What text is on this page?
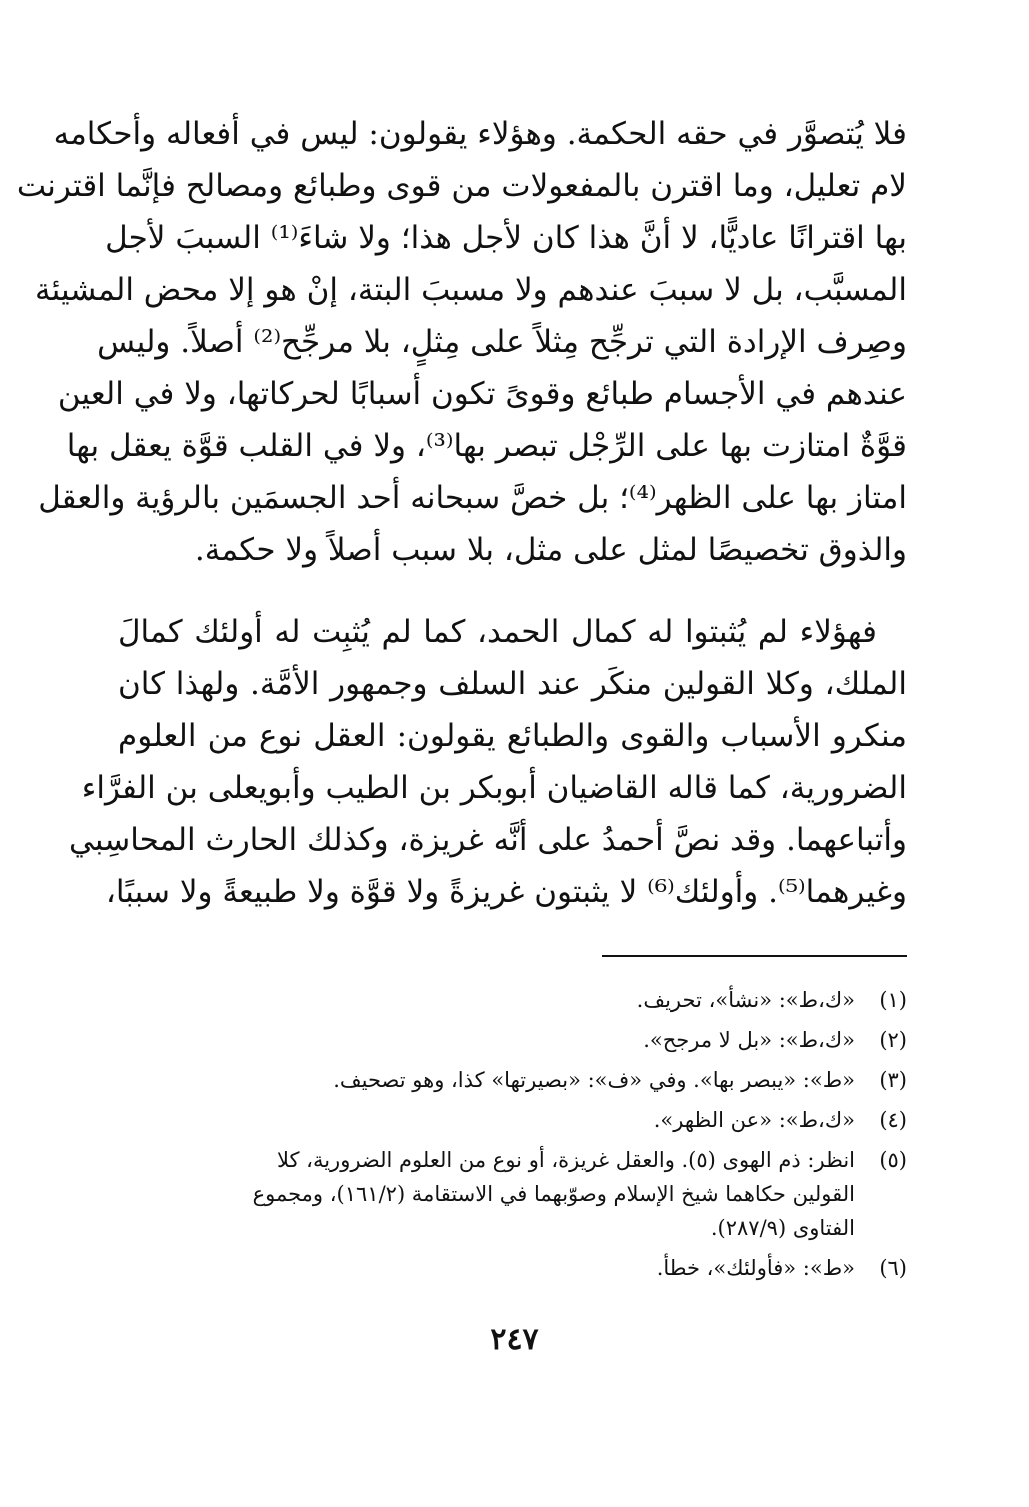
فلا يُتصوَّر في حقه الحكمة. وهؤلاء يقولون: ليس في أفعاله وأحكامه
لام تعليل، وما اقترن بالمفعولات من قوى وطبائع ومصالح فإنَّما اقترنت
بها اقترانًا عاديًّا، لا أنَّ هذا كان لأجل هذا؛ ولا شاءَ⁽¹⁾ السببَ لأجل
المسبَّب، بل لا سببَ عندهم ولا مسببَ البتة، إنْ هو إلا محض المشيئة
وصِرف الإرادة التي ترجِّح مِثلاً على مِثلٍ، بلا مرجِّح⁽²⁾ أصلاً. وليس
عندهم في الأجسام طبائع وقوىً تكون أسبابًا لحركاتها، ولا في العين
قوَّةٌ امتازت بها على الرِّجْل تبصر بها⁽³⁾، ولا في القلب قوَّة يعقل بها
امتاز بها على الظهر⁽⁴⁾؛ بل خصَّ سبحانه أحد الجسمَين بالرؤية والعقل
والذوق تخصيصًا لمثل على مثل، بلا سبب أصلاً ولا حكمة.

فهؤلاء لم يُثبتوا له كمال الحمد، كما لم يُثبِت له أولئك كمالَ
الملك، وكلا القولين منكَر عند السلف وجمهور الأمَّة. ولهذا كان
منكرو الأسباب والقوى والطبائع يقولون: العقل نوع من العلوم
الضرورية، كما قاله القاضيان أبوبكر بن الطيب وأبويعلى بن الفرَّاء
وأتباعهما. وقد نصَّ أحمدُ على أنَّه غريزة، وكذلك الحارث المحاسِبي
وغيرهما⁽⁵⁾. وأولئك⁽⁶⁾ لا يثبتون غريزةً ولا قوَّة ولا طبيعةً ولا سببًا،

(١)
«ك،ط»: «نشأ»، تحريف.
(٢)
«ك،ط»: «بل لا مرجح».
(٣)
«ط»: «يبصر بها». وفي «ف»: «بصيرتها» كذا، وهو تصحيف.
(٤)
«ك،ط»: «عن الظهر».
(٥)
انظر: ذم الهوى (٥). والعقل غريزة، أو نوع من العلوم الضرورية، كلا
القولين حكاهما شيخ الإسلام وصوّبهما في الاستقامة (١٦١/٢)، ومجموع
الفتاوى (٢٨٧/٩).
(٦)
«ط»: «فأولئك»، خطأ.
٢٤٧
